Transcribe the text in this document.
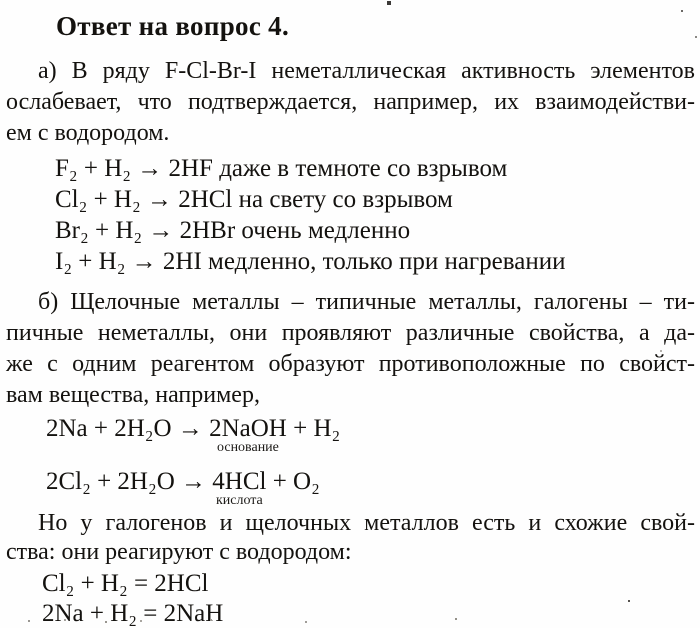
Ответ на вопрос 4.
а) В ряду F-Cl-Br-I неметаллическая активность элементов
ослабевает, что подтверждается, например, их взаимодействи-
ем с водородом.
F₂ + H₂ → 2HF даже в темноте со взрывом
Cl₂ + H₂ → 2HCl на свету со взрывом
Br₂ + H₂ → 2HBr очень медленно
I₂ + H₂ → 2HI медленно, только при нагревании
б) Щелочные металлы – типичные металлы, галогены – ти-
пичные неметаллы, они проявляют различные свойства, а да-
же с одним реагентом образуют противоположные по свойст-
вам вещества, например,
2Na + 2H₂O → 2NaOH
основание
+ H₂
2Cl₂ + 2H₂O → 4HCl
кислота
+ O₂
Но у галогенов и щелочных металлов есть и схожие свой-
ства: они реагируют с водородом:
Cl₂ + H₂ = 2HCl
2Na + H₂ = 2NaH
